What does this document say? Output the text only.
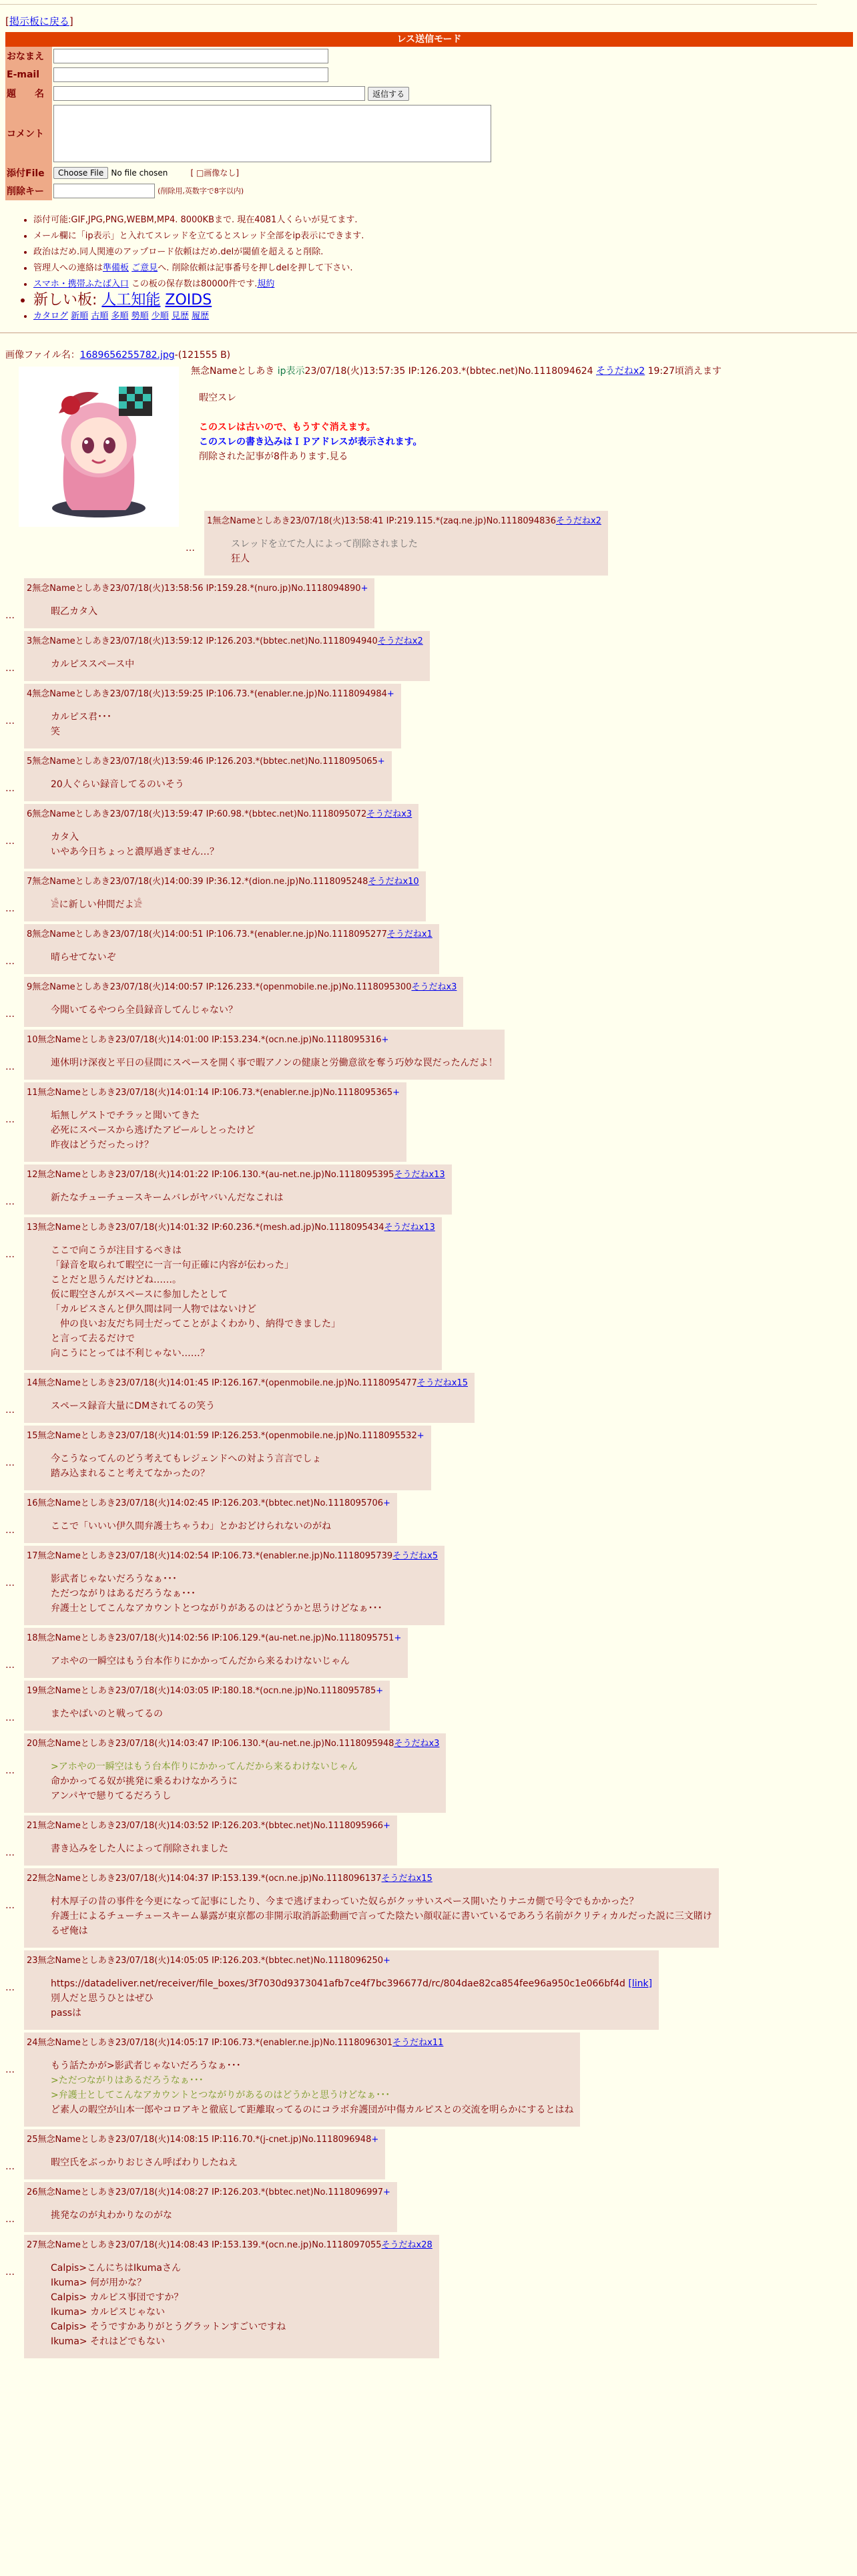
[掲示板に戻る]
レス送信モード
おなまえ	
E-mail	
題　　名	返信する
コメント	

添付File	Choose File No file chosen [ □画像なし]
削除キー	(削除用,英数字で8字以内)
• 添付可能:GIF,JPG,PNG,WEBM,MP4. 8000KBまで. 現在4081人くらいが見てます.
• メール欄に「ip表示」と入れてスレッドを立てるとスレッド全部をip表示にできます.
• 政治はだめ.同人関連のアップロード依頼はだめ.delが閾値を超えると削除.
• 管理人への連絡は準備板 ご意見へ. 削除依頼は記事番号を押しdelを押して下さい.
• スマホ・携帯ふたば入口 この板の保存数は80000件です.規約
• 新しい板: 人工知能 ZOIDS
• カタログ 新順 古順 多順 勢順 少順 見歴 履歴
画像ファイル名：1689656255782.jpg-(121555 B)
無念Nameとしあき ip表示23/07/18(火)13:57:35 IP:126.203.*(bbtec.net)No.1118094624 そうだねx2 19:27頃消えます
暇空スレ
このスレは古いので、もうすぐ消えます。
このスレの書き込みはＩＰアドレスが表示されます。
削除された記事が8件あります.見る
…
1無念Nameとしあき23/07/18(火)13:58:41 IP:219.115.*(zaq.ne.jp)No.1118094836そうだねx2
スレッドを立てた人によって削除されました
狂人
…
2無念Nameとしあき23/07/18(火)13:58:56 IP:159.28.*(nuro.jp)No.1118094890+
暇乙カタ入
…
3無念Nameとしあき23/07/18(火)13:59:12 IP:126.203.*(bbtec.net)No.1118094940そうだねx2
カルピススペース中
…
4無念Nameとしあき23/07/18(火)13:59:25 IP:106.73.*(enabler.ne.jp)No.1118094984+
カルピス君･･･
笑
…
5無念Nameとしあき23/07/18(火)13:59:46 IP:126.203.*(bbtec.net)No.1118095065+
20人ぐらい録音してるのいそう
…
6無念Nameとしあき23/07/18(火)13:59:47 IP:60.98.*(bbtec.net)No.1118095072そうだねx3
カタ入
いやあ今日ちょっと濃厚過ぎません…？
…
7無念Nameとしあき23/07/18(火)14:00:39 IP:36.12.*(dion.ne.jp)No.1118095248そうだねx10
𓀀に新しい仲間だよ𓀀
…
8無念Nameとしあき23/07/18(火)14:00:51 IP:106.73.*(enabler.ne.jp)No.1118095277そうだねx1
晴らせてないぞ
…
9無念Nameとしあき23/07/18(火)14:00:57 IP:126.233.*(openmobile.ne.jp)No.1118095300そうだねx3
今聞いてるやつら全員録音してんじゃない？
…
10無念Nameとしあき23/07/18(火)14:01:00 IP:153.234.*(ocn.ne.jp)No.1118095316+
連休明け深夜と平日の昼間にスペースを開く事で暇アノンの健康と労働意欲を奪う巧妙な罠だったんだよ！
…
11無念Nameとしあき23/07/18(火)14:01:14 IP:106.73.*(enabler.ne.jp)No.1118095365+
垢無しゲストでチラッと聞いてきた
必死にスペースから逃げたアピールしとったけど
昨夜はどうだったっけ？
…
12無念Nameとしあき23/07/18(火)14:01:22 IP:106.130.*(au-net.ne.jp)No.1118095395そうだねx13
新たなチューチュースキームバレがヤバいんだなこれは
…
13無念Nameとしあき23/07/18(火)14:01:32 IP:60.236.*(mesh.ad.jp)No.1118095434そうだねx13
ここで向こうが注目するべきは
「録音を取られて暇空に一言一句正確に内容が伝わった」
ことだと思うんだけどね……。
仮に暇空さんがスペースに参加したとして
「カルピスさんと伊久間は同一人物ではないけど
　仲の良いお友だち同士だってことがよくわかり、納得できました」
と言って去るだけで
向こうにとっては不利じゃない……？
…
14無念Nameとしあき23/07/18(火)14:01:45 IP:126.167.*(openmobile.ne.jp)No.1118095477そうだねx15
スペース録音大量にDMされてるの笑う
…
15無念Nameとしあき23/07/18(火)14:01:59 IP:126.253.*(openmobile.ne.jp)No.1118095532+
今こうなってんのどう考えてもレジェンドへの対よう言言でしょ
踏み込まれること考えてなかったの？
…
16無念Nameとしあき23/07/18(火)14:02:45 IP:126.203.*(bbtec.net)No.1118095706+
ここで「いいい伊久間弁護士ちゃうわ」とかおどけられないのがね
…
17無念Nameとしあき23/07/18(火)14:02:54 IP:106.73.*(enabler.ne.jp)No.1118095739そうだねx5
影武者じゃないだろうなぁ･･･
ただつながりはあるだろうなぁ･･･
弁護士としてこんなアカウントとつながりがあるのはどうかと思うけどなぁ･･･
…
18無念Nameとしあき23/07/18(火)14:02:56 IP:106.129.*(au-net.ne.jp)No.1118095751+
アホやの一瞬空はもう台本作りにかかってんだから来るわけないじゃん
…
19無念Nameとしあき23/07/18(火)14:03:05 IP:180.18.*(ocn.ne.jp)No.1118095785+
またやばいのと戦ってるの
…
20無念Nameとしあき23/07/18(火)14:03:47 IP:106.130.*(au-net.ne.jp)No.1118095948そうだねx3
>アホやの一瞬空はもう台本作りにかかってんだから来るわけないじゃん
命かかってる奴が挑発に乗るわけなかろうに
アンパヤで戀りてるだろうし
…
21無念Nameとしあき23/07/18(火)14:03:52 IP:126.203.*(bbtec.net)No.1118095966+
書き込みをした人によって削除されました
…
22無念Nameとしあき23/07/18(火)14:04:37 IP:153.139.*(ocn.ne.jp)No.1118096137そうだねx15
村木厚子の昔の事件を今更になって記事にしたり、今まで逃げまわっていた奴らがクッサいスペース開いたりナニカ側で号令でもかかった？
弁護士によるチューチュースキーム暴露が東京都の非開示取消訴訟動画で言ってた陰たい顔収証に書いているであろう名前がクリティカルだった説に三文賭け
るぜ俺は
…
23無念Nameとしあき23/07/18(火)14:05:05 IP:126.203.*(bbtec.net)No.1118096250+
https://datadeliver.net/receiver/file_boxes/3f7030d9373041afb7ce4f7bc396677d/rc/804dae82ca854fee96a950c1e066bf4d [link]
別人だと思うひとはぜひ
passは
…
24無念Nameとしあき23/07/18(火)14:05:17 IP:106.73.*(enabler.ne.jp)No.1118096301そうだねx11
もう話たかが>影武者じゃないだろうなぁ･･･
>ただつながりはあるだろうなぁ･･･
>弁護士としてこんなアカウントとつながりがあるのはどうかと思うけどなぁ･･･
ど素人の暇空が山本一郎やコロアキと徹底して距離取ってるのにコラボ弁護団が中傷カルピスとの交流を明らかにするとはね
…
25無念Nameとしあき23/07/18(火)14:08:15 IP:116.70.*(j-cnet.jp)No.1118096948+
暇空氏をぶっかりおじさん呼ばわりしたねえ
…
26無念Nameとしあき23/07/18(火)14:08:27 IP:126.203.*(bbtec.net)No.1118096997+
挑発なのが丸わかりなのがな
…
27無念Nameとしあき23/07/18(火)14:08:43 IP:153.139.*(ocn.ne.jp)No.1118097055そうだねx28
Calpis>こんにちはIkumaさん
Ikuma> 何が用かな？
Calpis> カルピス事団ですか？
Ikuma> カルピスじゃない
Calpis> そうですかありがとうグラットンすごいですね
Ikuma> それはどでもない
